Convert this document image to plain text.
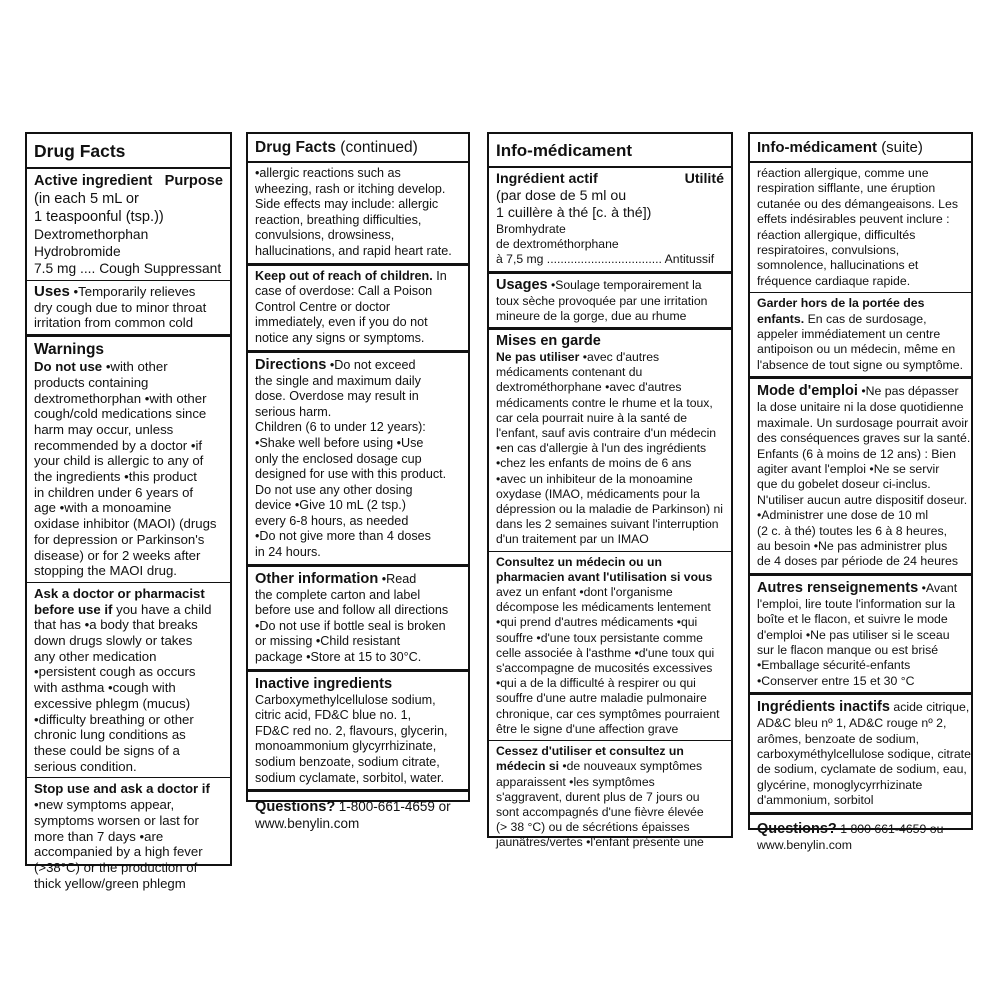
Drug Facts
Active ingredient Purpose
(in each 5 mL or
1 teaspoonful (tsp.))
Dextromethorphan
Hydrobromide
7.5 mg .... Cough Suppressant
Uses •Temporarily relieves
dry cough due to minor throat
irritation from common cold
Warnings
Do not use •with other
products containing
dextromethorphan •with other
cough/cold medications since
harm may occur, unless
recommended by a doctor •if
your child is allergic to any of
the ingredients •this product
in children under 6 years of
age •with a monoamine
oxidase inhibitor (MAOI) (drugs
for depression or Parkinson's
disease) or for 2 weeks after
stopping the MAOI drug.
Ask a doctor or pharmacist
before use if you have a child
that has •a body that breaks
down drugs slowly or takes
any other medication
•persistent cough as occurs
with asthma •cough with
excessive phlegm (mucus)
•difficulty breathing or other
chronic lung conditions as
these could be signs of a
serious condition.
Stop use and ask a doctor if
•new symptoms appear,
symptoms worsen or last for
more than 7 days •are
accompanied by a high fever
(>38°C) or the production of
thick yellow/green phlegm
Drug Facts (continued)
•allergic reactions such as
wheezing, rash or itching develop.
Side effects may include: allergic
reaction, breathing difficulties,
convulsions, drowsiness,
hallucinations, and rapid heart rate.
Keep out of reach of children. In
case of overdose: Call a Poison
Control Centre or doctor
immediately, even if you do not
notice any signs or symptoms.
Directions •Do not exceed
the single and maximum daily
dose. Overdose may result in
serious harm.
Children (6 to under 12 years):
•Shake well before using •Use
only the enclosed dosage cup
designed for use with this product.
Do not use any other dosing
device •Give 10 mL (2 tsp.)
every 6-8 hours, as needed
•Do not give more than 4 doses
in 24 hours.
Other information •Read
the complete carton and label
before use and follow all directions
•Do not use if bottle seal is broken
or missing •Child resistant
package •Store at 15 to 30°C.
Inactive ingredients
Carboxymethylcellulose sodium,
citric acid, FD&C blue no. 1,
FD&C red no. 2, flavours, glycerin,
monoammonium glycyrrhizinate,
sodium benzoate, sodium citrate,
sodium cyclamate, sorbitol, water.
Questions? 1-800-661-4659 or
www.benylin.com
Info-médicament
Ingrédient actif	Utilité
(par dose de 5 ml ou
1 cuillère à thé [c. à thé])
Bromhydrate
de dextrométhorphane
à 7,5 mg .................................. Antitussif
Usages •Soulage temporairement la
toux sèche provoquée par une irritation
mineure de la gorge, due au rhume
Mises en garde
Ne pas utiliser •avec d'autres
médicaments contenant du
dextrométhorphane •avec d'autres
médicaments contre le rhume et la toux,
car cela pourrait nuire à la santé de
l'enfant, sauf avis contraire d'un médecin
•en cas d'allergie à l'un des ingrédients
•chez les enfants de moins de 6 ans
•avec un inhibiteur de la monoamine
oxydase (IMAO, médicaments pour la
dépression ou la maladie de Parkinson) ni
dans les 2 semaines suivant l'interruption
d'un traitement par un IMAO
Consultez un médecin ou un
pharmacien avant l'utilisation si vous
avez un enfant •dont l'organisme
décompose les médicaments lentement
•qui prend d'autres médicaments •qui
souffre •d'une toux persistante comme
celle associée à l'asthme •d'une toux qui
s'accompagne de mucosités excessives
•qui a de la difficulté à respirer ou qui
souffre d'une autre maladie pulmonaire
chronique, car ces symptômes pourraient
être le signe d'une affection grave
Cessez d'utiliser et consultez un
médecin si •de nouveaux symptômes
apparaissent •les symptômes
s'aggravent, durent plus de 7 jours ou
sont accompagnés d'une fièvre élevée
(> 38 °C) ou de sécrétions épaisses
jaunâtres/vertes •l'enfant présente une
Info-médicament (suite)
réaction allergique, comme une
respiration sifflante, une éruption
cutanée ou des démangeaisons. Les
effets indésirables peuvent inclure :
réaction allergique, difficultés
respiratoires, convulsions,
somnolence, hallucinations et
fréquence cardiaque rapide.
Garder hors de la portée des
enfants. En cas de surdosage,
appeler immédiatement un centre
antipoison ou un médecin, même en
l'absence de tout signe ou symptôme.
Mode d'emploi •Ne pas dépasser
la dose unitaire ni la dose quotidienne
maximale. Un surdosage pourrait avoir
des conséquences graves sur la santé.
Enfants (6 à moins de 12 ans) : Bien
agiter avant l'emploi •Ne se servir
que du gobelet doseur ci-inclus.
N'utiliser aucun autre dispositif doseur.
•Administrer une dose de 10 ml
(2 c. à thé) toutes les 6 à 8 heures,
au besoin •Ne pas administrer plus
de 4 doses par période de 24 heures
Autres renseignements •Avant
l'emploi, lire toute l'information sur la
boîte et le flacon, et suivre le mode
d'emploi •Ne pas utiliser si le sceau
sur le flacon manque ou est brisé
•Emballage sécurité-enfants
•Conserver entre 15 et 30 °C
Ingrédients inactifs acide citrique,
AD&C bleu nº 1, AD&C rouge nº 2,
arômes, benzoate de sodium,
carboxyméthylcellulose sodique, citrate
de sodium, cyclamate de sodium, eau,
glycérine, monoglycyrrhizinate
d'ammonium, sorbitol
Questions? 1 800 661-4659 ou
www.benylin.com
